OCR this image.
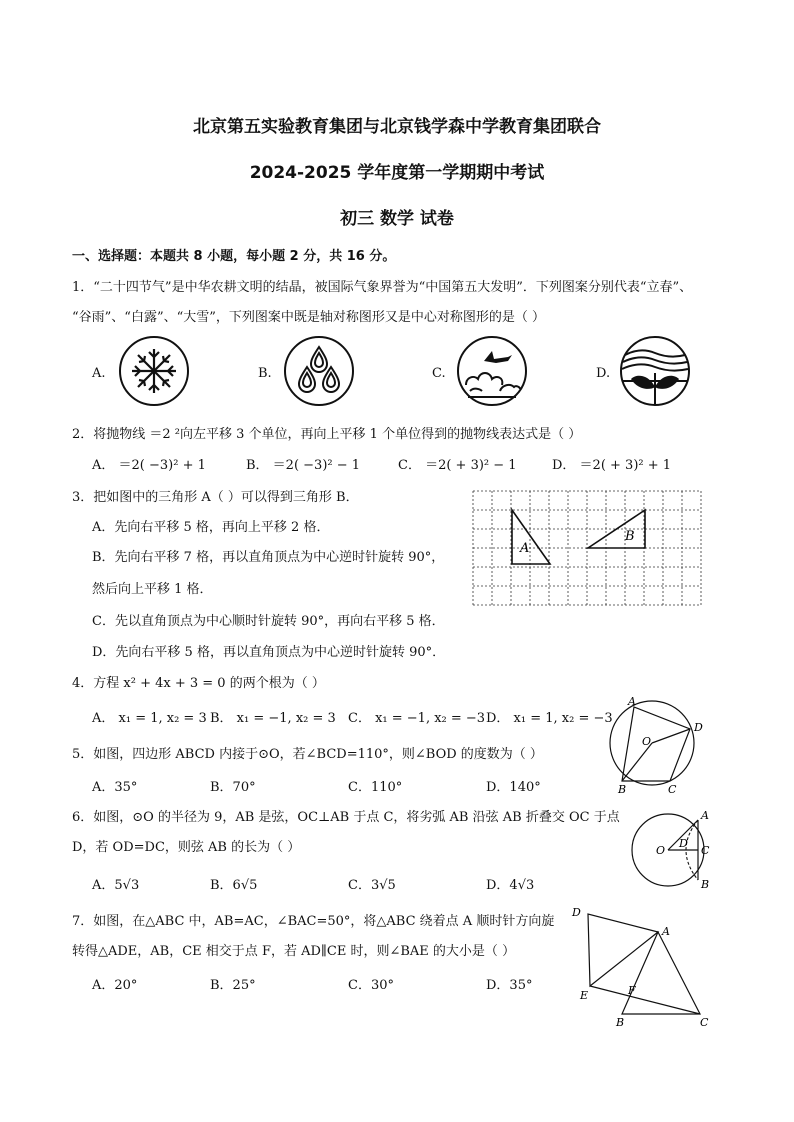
北京第五实验教育集团与北京钱学森中学教育集团联合
2024-2025 学年度第一学期期中考试
初三 数学 试卷
一、选择题：本题共 8 小题，每小题 2 分，共 16 分。
1．“二十四节气”是中华农耕文明的结晶，被国际气象界誉为“中国第五大发明”．下列图案分别代表“立春”、
“谷雨”、“白露”、“大雪”，下列图案中既是轴对称图形又是中心对称图形的是（ ）
A.	B.	C.	D.
2．将抛物线 ＝2 ²向左平移 3 个单位，再向上平移 1 个单位得到的抛物线表达式是（ ）
A． ＝2( −3)² + 1	B． ＝2( −3)² − 1	C． ＝2( + 3)² − 1	D． ＝2( + 3)² + 1
3．把如图中的三角形 A（ ）可以得到三角形 B．
A．先向右平移 5 格，再向上平移 2 格．
B．先向右平移 7 格，再以直角顶点为中心逆时针旋转 90°，
然后向上平移 1 格．
C．先以直角顶点为中心顺时针旋转 90°，再向右平移 5 格．
D．先向右平移 5 格，再以直角顶点为中心逆时针旋转 90°．
A
B
4．方程 x² + 4x + 3 = 0 的两个根为（ ）
A． x₁ = 1, x₂ = 3 B． x₁ = −1, x₂ = 3 C． x₁ = −1, x₂ = −3 D． x₁ = 1, x₂ = −3
5．如图，四边形 ABCD 内接于⊙O，若∠BCD=110°，则∠BOD 的度数为（ ）
A．35°	B．70°	C．110°	D．140°
A
D
C
B
O
6．如图，⊙O 的半径为 9，AB 是弦，OC⊥AB 于点 C，将劣弧 AB 沿弦 AB 折叠交 OC 于点
D，若 OD=DC，则弦 AB 的长为（ ）
A．5√3	B．6√5	C．3√5	D．4√3
A
B
C
D
O
7．如图，在△ABC 中，AB=AC，∠BAC=50°，将△ABC 绕着点 A 顺时针方向旋
转得△ADE，AB，CE 相交于点 F，若 AD∥CE 时，则∠BAE 的大小是（ ）
A．20°	B．25°	C．30°	D．35°
A
D
E	F
B	C
